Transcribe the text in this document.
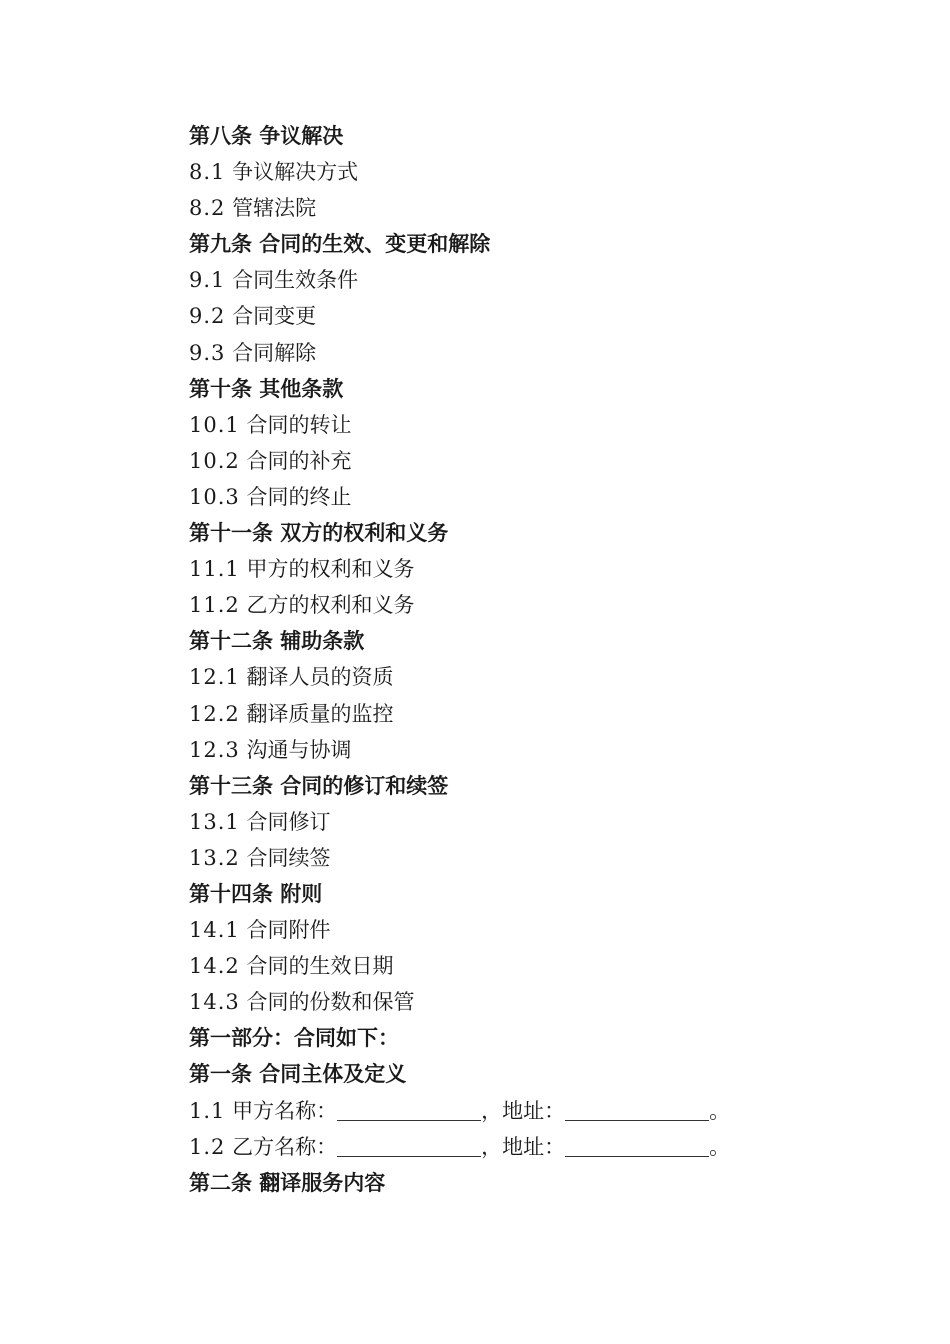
第八条 争议解决
8.1 争议解决方式
8.2 管辖法院
第九条 合同的生效、变更和解除
9.1 合同生效条件
9.2 合同变更
9.3 合同解除
第十条 其他条款
10.1 合同的转让
10.2 合同的补充
10.3 合同的终止
第十一条 双方的权利和义务
11.1 甲方的权利和义务
11.2 乙方的权利和义务
第十二条 辅助条款
12.1 翻译人员的资质
12.2 翻译质量的监控
12.3 沟通与协调
第十三条 合同的修订和续签
13.1 合同修订
13.2 合同续签
第十四条 附则
14.1 合同附件
14.2 合同的生效日期
14.3 合同的份数和保管
第一部分：合同如下：
第一条 合同主体及定义
1.1 甲方名称：	，地址：	。
1.2 乙方名称：	，地址：	。
第二条 翻译服务内容
